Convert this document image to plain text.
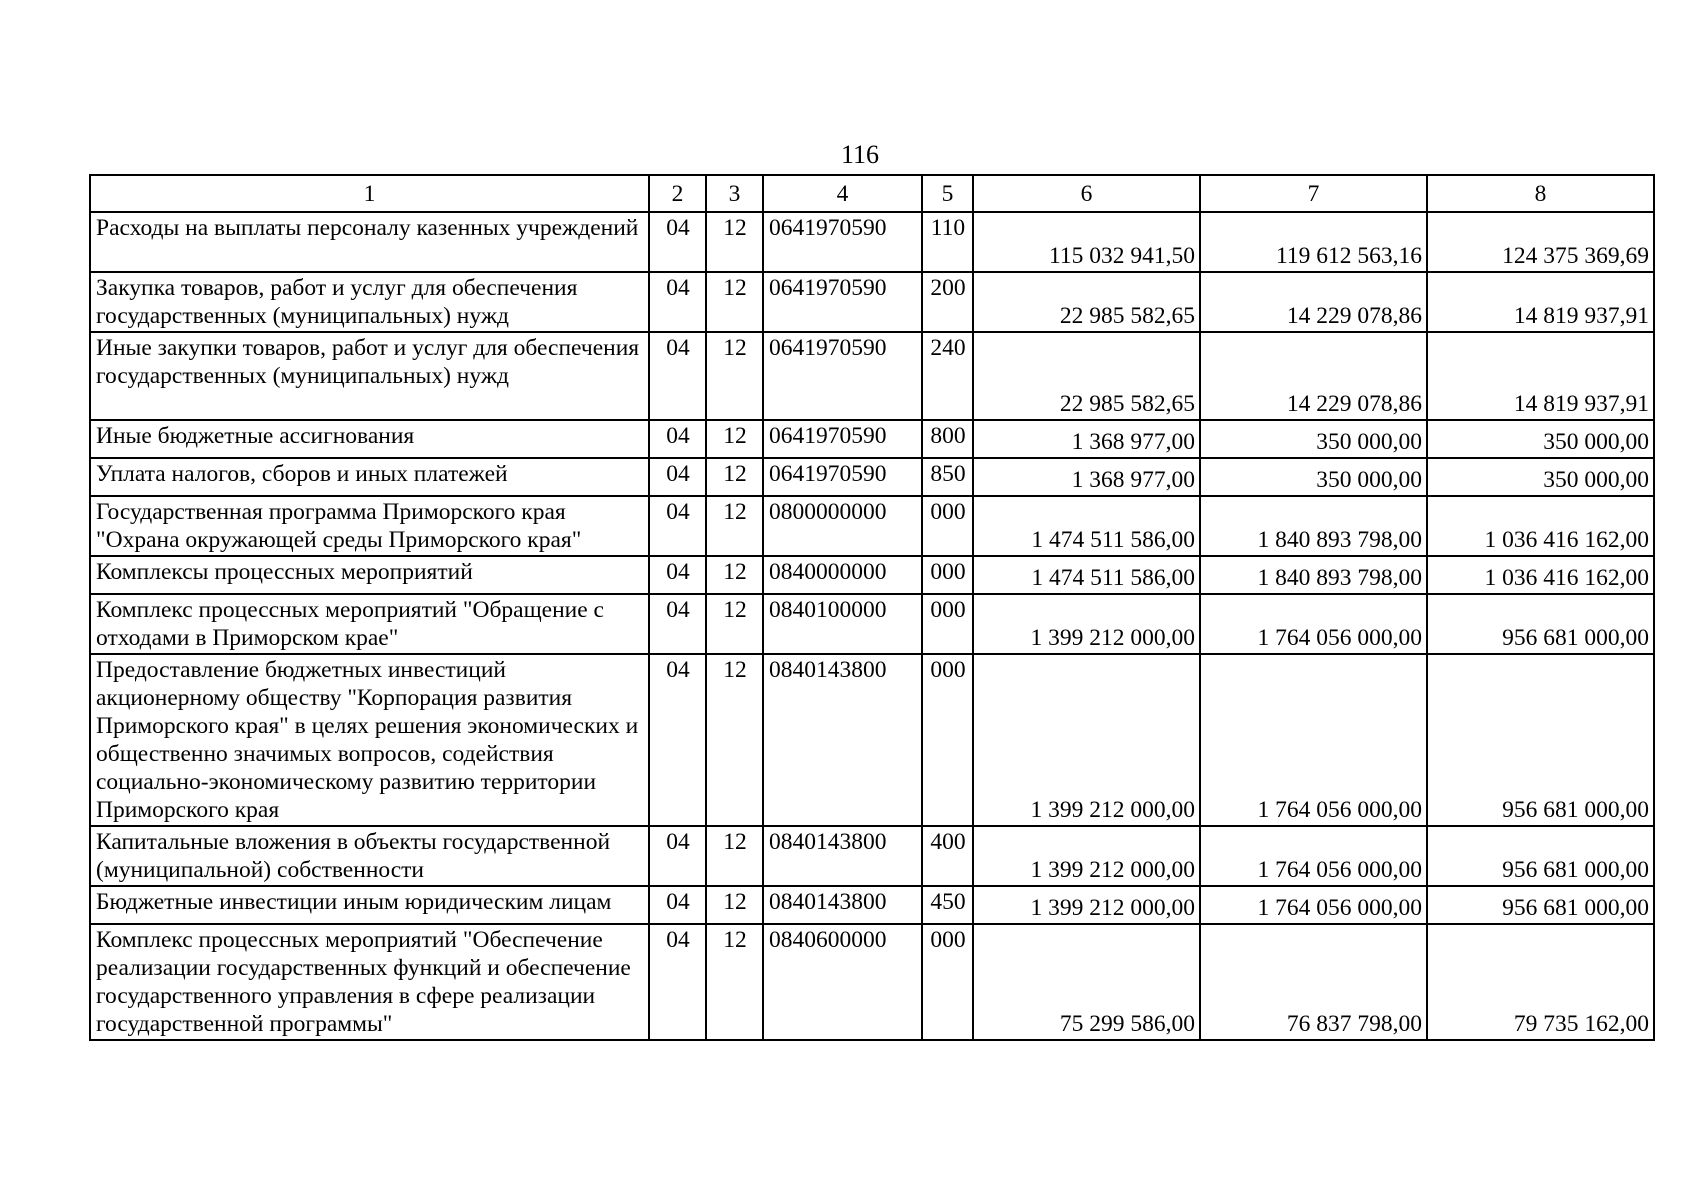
116
1	2	3	4	5	6	7	8
Расходы на выплаты персоналу казенных учреждений	04	12	0641970590	110	115 032 941,50	119 612 563,16	124 375 369,69
Закупка товаров, работ и услуг для обеспечения государственных (муниципальных) нужд	04	12	0641970590	200	22 985 582,65	14 229 078,86	14 819 937,91
Иные закупки товаров, работ и услуг для обеспечения государственных (муниципальных) нужд	04	12	0641970590	240	22 985 582,65	14 229 078,86	14 819 937,91
Иные бюджетные ассигнования	04	12	0641970590	800	1 368 977,00	350 000,00	350 000,00
Уплата налогов, сборов и иных платежей	04	12	0641970590	850	1 368 977,00	350 000,00	350 000,00
Государственная программа Приморского края "Охрана окружающей среды Приморского края"	04	12	0800000000	000	1 474 511 586,00	1 840 893 798,00	1 036 416 162,00
Комплексы процессных мероприятий	04	12	0840000000	000	1 474 511 586,00	1 840 893 798,00	1 036 416 162,00
Комплекс процессных мероприятий "Обращение с отходами в Приморском крае"	04	12	0840100000	000	1 399 212 000,00	1 764 056 000,00	956 681 000,00
Предоставление бюджетных инвестиций акционерному обществу "Корпорация развития Приморского края" в целях решения экономических и общественно значимых вопросов, содействия социально-экономическому развитию территории Приморского края	04	12	0840143800	000	1 399 212 000,00	1 764 056 000,00	956 681 000,00
Капитальные вложения в объекты государственной (муниципальной) собственности	04	12	0840143800	400	1 399 212 000,00	1 764 056 000,00	956 681 000,00
Бюджетные инвестиции иным юридическим лицам	04	12	0840143800	450	1 399 212 000,00	1 764 056 000,00	956 681 000,00
Комплекс процессных мероприятий "Обеспечение реализации государственных функций и обеспечение государственного управления в сфере реализации государственной программы"	04	12	0840600000	000	75 299 586,00	76 837 798,00	79 735 162,00
